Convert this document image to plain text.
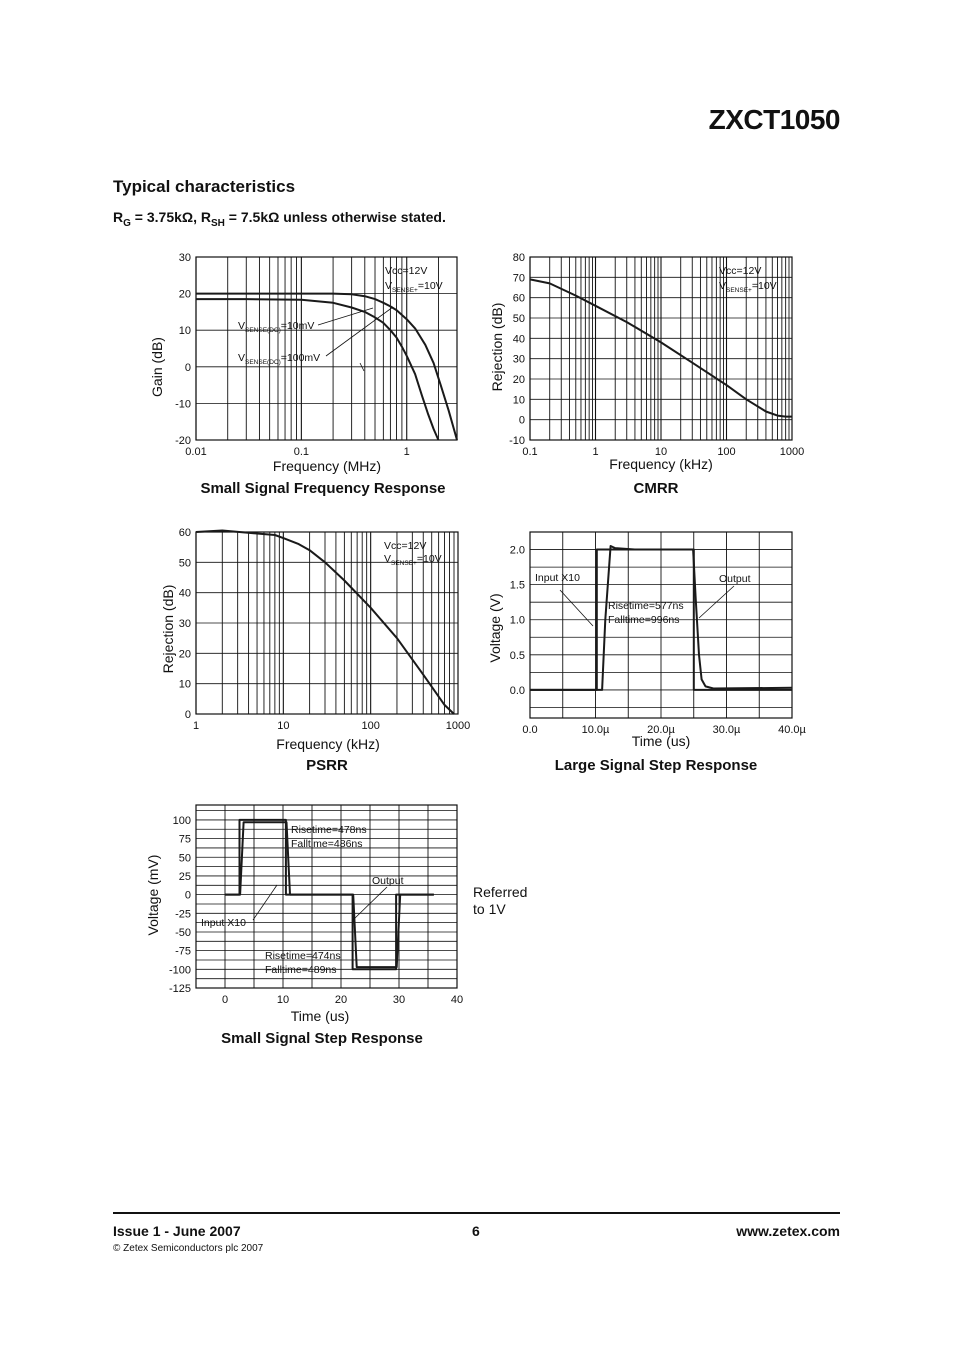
ZXCT1050
Typical characteristics
$R_G = 3.75k\Omega$, $R_{SH} = 7.5k\Omega$ unless otherwise stated.
0.01	0.1	1
30
20
10
0
-10
-20
Vcc=12V
$V_{SENSE+}=10V$
$V_{SENSE(DC)}=10mV$
$V_{SENSE(DC)}=100mV$
Frequency (MHz)
Gain (dB)
Small Signal Frequency Response
0.1	1	10	100	1000
80
70
60
50
40
30
20
10
0
-10
Vcc=12V
$V_{SENSE+}=10V$
Frequency (kHz)
Rejection (dB)
CMRR
1	10	100	1000
60
50
40
30
20
10
0
Vcc=12V
$V_{SENSE+}=10V$
Frequency (kHz)
Rejection (dB)
PSRR
0.0	10.0µ	20.0µ	30.0µ	40.0µ
2.0
1.5
1.0
0.5
0.0
Input X10	Output
Risetime=577ns
Falltime=996ns
Time (us)
Voltage (V)
Large Signal Step Response
0	10	20	30	40
100
75
50
25
0
-25
-50
-75
-100
-125
Risetime=478ns
Falltime=486ns
Output
Input X10
Risetime=474ns
Falltime=489ns
Time (us)
Voltage (mV)
Small Signal Step Response
Referred
to 1V
Issue 1 - June 2007	6	www.zetex.com
© Zetex Semiconductors plc 2007
